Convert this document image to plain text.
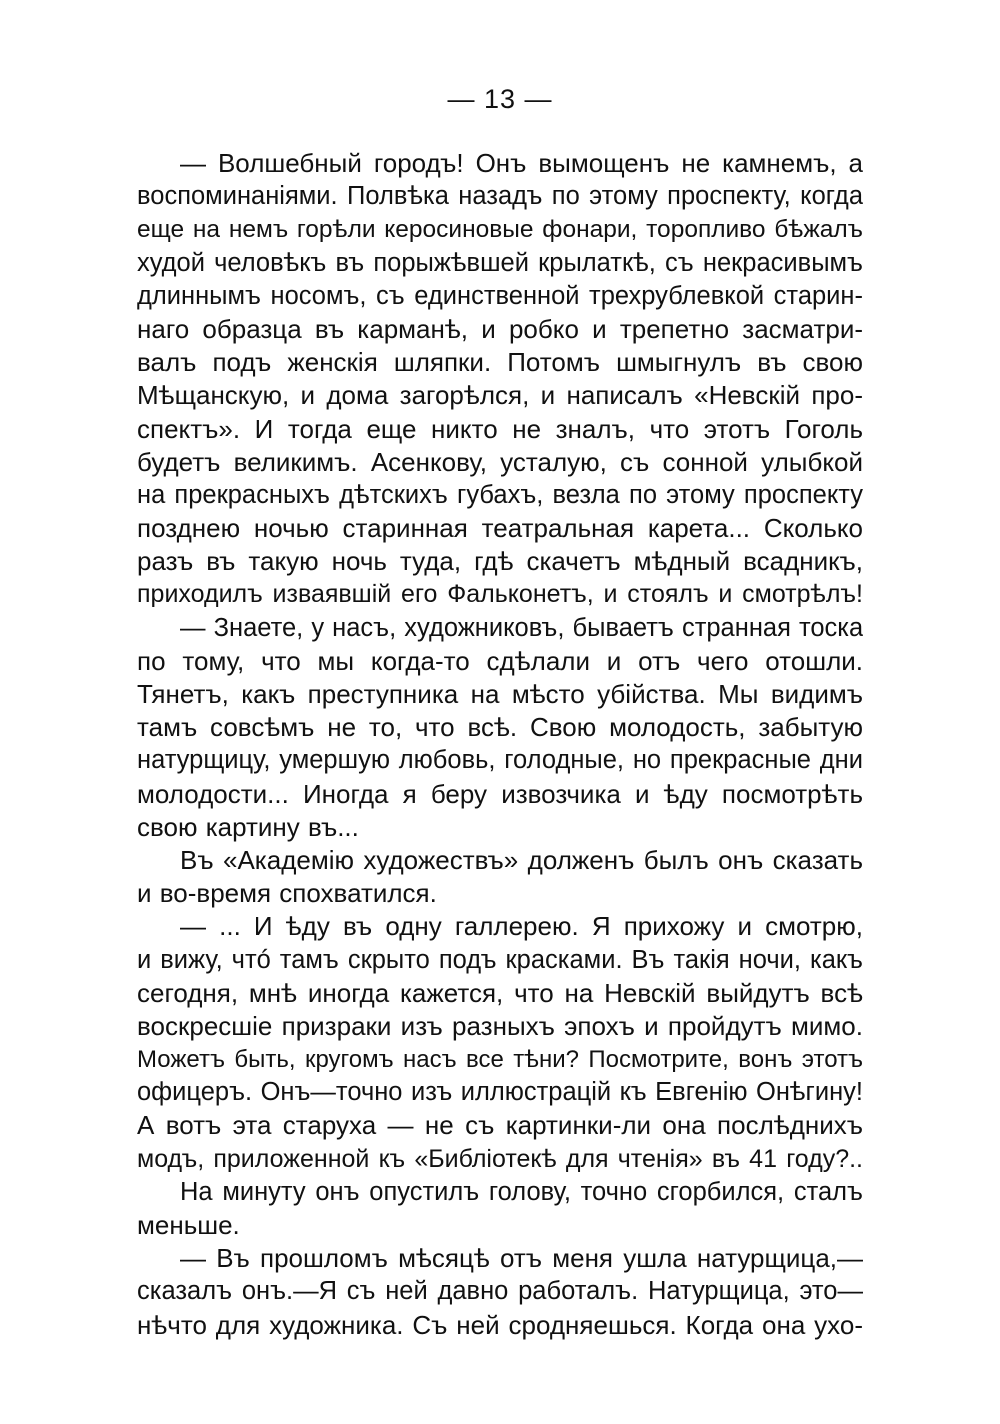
— 13 —
— Волшебный городъ! Онъ вымощенъ не камнемъ, а
воспоминаніями. Полвѣка назадъ по этому проспекту, когда
еще на немъ горѣли керосиновые фонари, торопливо бѣжалъ
худой человѣкъ въ порыжѣвшей крылаткѣ, съ некрасивымъ
длиннымъ носомъ, съ единственной трехрублевкой старин-
наго образца въ карманѣ, и робко и трепетно засматри-
валъ подъ женскія шляпки. Потомъ шмыгнулъ въ свою
Мѣщанскую, и дома загорѣлся, и написалъ «Невскій про-
спектъ». И тогда еще никто не зналъ, что этотъ Гоголь
будетъ великимъ. Асенкову, усталую, съ сонной улыбкой
на прекрасныхъ дѣтскихъ губахъ, везла по этому проспекту
позднею ночью старинная театральная карета... Сколько
разъ въ такую ночь туда, гдѣ скачетъ мѣдный всадникъ,
приходилъ изваявшій его Фальконетъ, и стоялъ и смотрѣлъ!
— Знаете, у насъ, художниковъ, бываетъ странная тоска
по тому, что мы когда-то сдѣлали и отъ чего отошли.
Тянетъ, какъ преступника на мѣсто убійства. Мы видимъ
тамъ совсѣмъ не то, что всѣ. Свою молодость, забытую
натурщицу, умершую любовь, голодные, но прекрасные дни
молодости... Иногда я беру извозчика и ѣду посмотрѣть
свою картину въ...
Въ «Академію художествъ» долженъ былъ онъ сказать
и во-время спохватился.
— ... И ѣду въ одну галлерею. Я прихожу и смотрю,
и вижу, чтó тамъ скрыто подъ красками. Въ такія ночи, какъ
сегодня, мнѣ иногда кажется, что на Невскій выйдутъ всѣ
воскресшіе призраки изъ разныхъ эпохъ и пройдутъ мимо.
Можетъ быть, кругомъ насъ все тѣни? Посмотрите, вонъ этотъ
офицеръ. Онъ—точно изъ иллюстрацій къ Евгенію Онѣгину!
А вотъ эта старуха — не съ картинки-ли она послѣднихъ
модъ, приложенной къ «Библіотекѣ для чтенія» въ 41 году?..
На минуту онъ опустилъ голову, точно сгорбился, сталъ
меньше.
— Въ прошломъ мѣсяцѣ отъ меня ушла натурщица,—
сказалъ онъ.—Я съ ней давно работалъ. Натурщица, это—
нѣчто для художника. Съ ней сродняешься. Когда она ухо-
